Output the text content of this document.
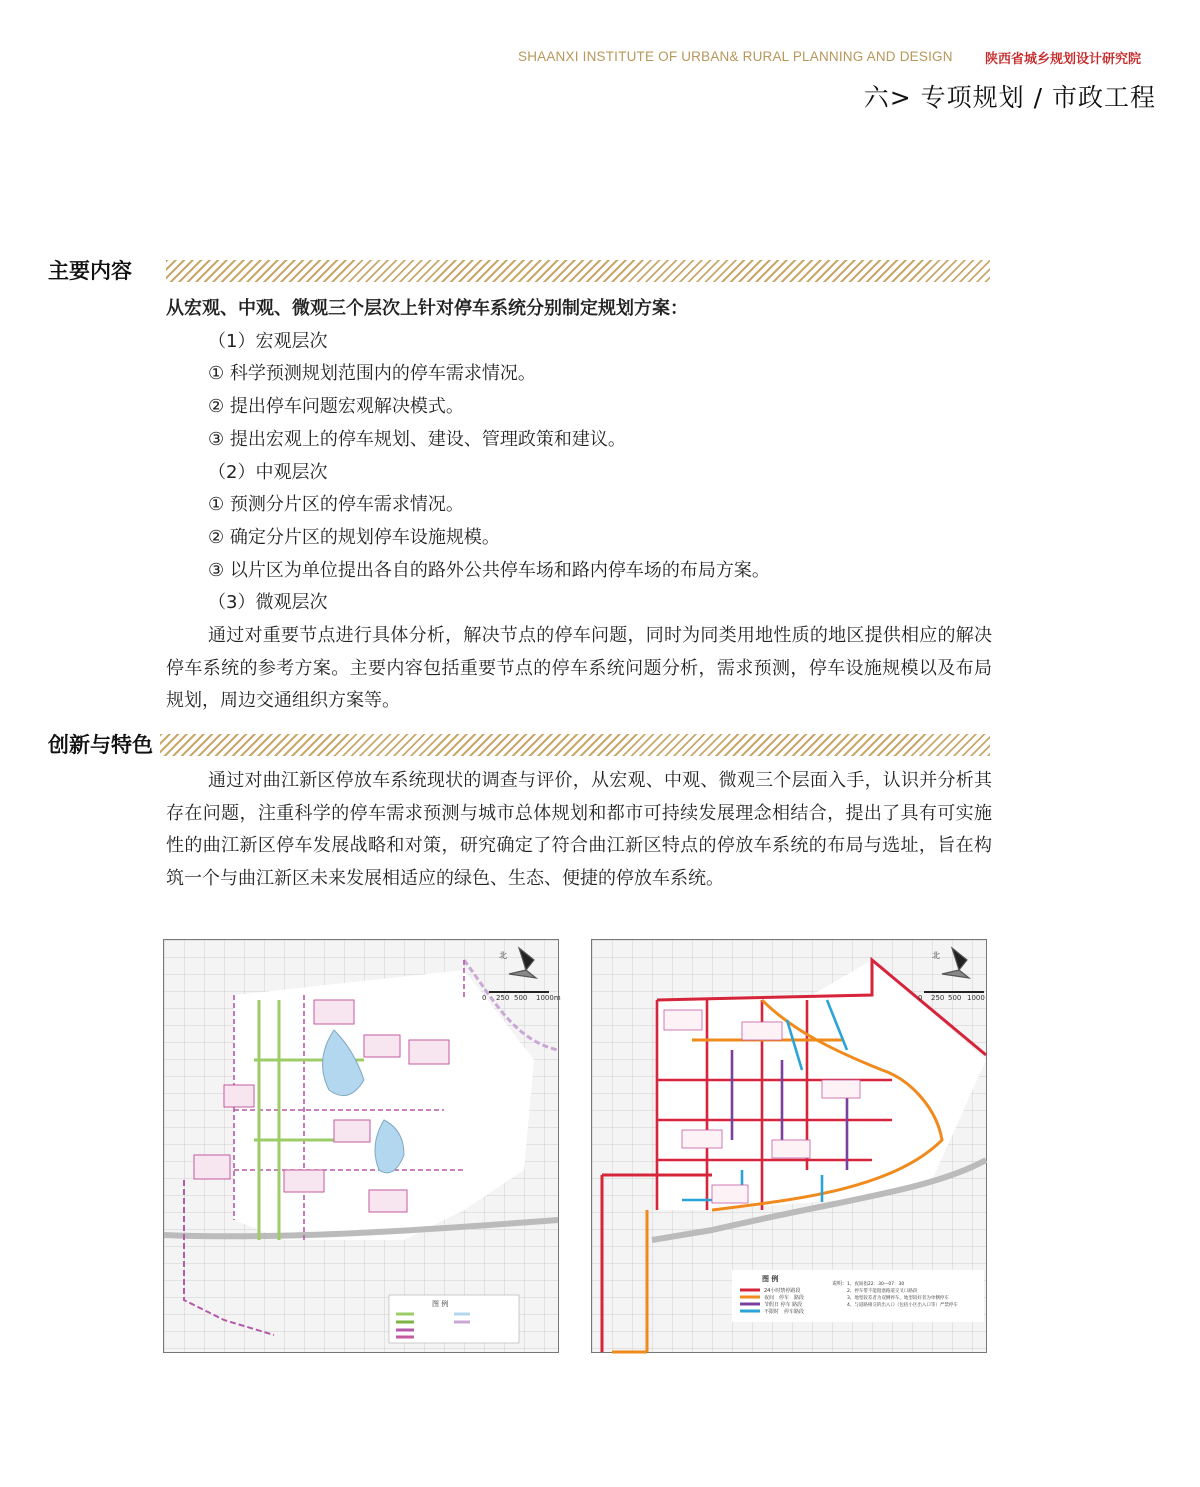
SHAANXI INSTITUTE OF URBAN& RURAL PLANNING AND DESIGN 陕西省城乡规划设计研究院
六> 专项规划 / 市政工程
主要内容
从宏观、中观、微观三个层次上针对停车系统分别制定规划方案：
（1）宏观层次
① 科学预测规划范围内的停车需求情况。
② 提出停车问题宏观解决模式。
③ 提出宏观上的停车规划、建设、管理政策和建议。
（2）中观层次
① 预测分片区的停车需求情况。
② 确定分片区的规划停车设施规模。
③ 以片区为单位提出各自的路外公共停车场和路内停车场的布局方案。
（3）微观层次
通过对重要节点进行具体分析，解决节点的停车问题，同时为同类用地性质的地区提供相应的解决停车系统的参考方案。主要内容包括重要节点的停车系统问题分析，需求预测，停车设施规模以及布局规划，周边交通组织方案等。
创新与特色
通过对曲江新区停放车系统现状的调查与评价，从宏观、中观、微观三个层面入手，认识并分析其存在问题，注重科学的停车需求预测与城市总体规划和都市可持续发展理念相结合，提出了具有可实施性的曲江新区停车发展战略和对策，研究确定了符合曲江新区特点的停放车系统的布局与选址，旨在构筑一个与曲江新区未来发展相适应的绿色、生态、便捷的停放车系统。
北
0 250 500 1000m
图 例
北
0 250 500 1000
图 例
24小时禁停路段
夜间　停车　路段
节假日 停车 路段
不限时　停车路段
说明： 1、夜间指22：30—07：30
2、停车带不能阻塞路道交叉口路段
3、地型较差者为双侧停车，地型较好者为单侧停车
4、与道路相交的出入口（包括小区出入口等）严禁停车
